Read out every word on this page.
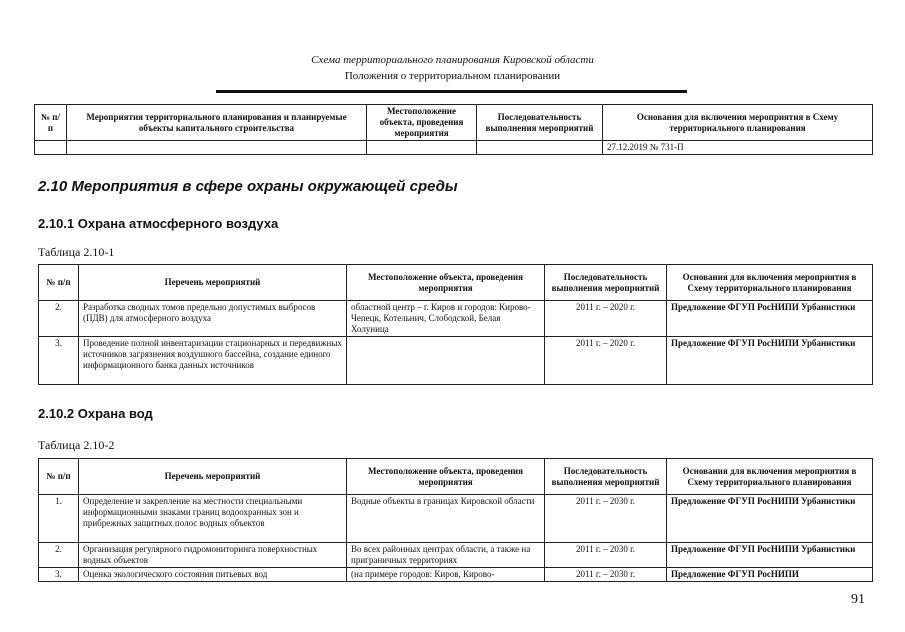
Схема территориального планирования Кировской области
Положения о территориальном планировании
№ п/п	Мероприятия территориального планирования и планируемые объекты капитального строительства	Местоположение объекта, проведения мероприятия	Последовательность выполнения мероприятий	Основания для включения мероприятия в Схему территориального планирования
				27.12.2019 № 731-П
2.10 Мероприятия в сфере охраны окружающей среды
2.10.1 Охрана атмосферного воздуха
Таблица 2.10-1
№ п/п	Перечень мероприятий	Местоположение объекта, проведения мероприятия	Последовательность выполнения мероприятий	Основания для включения мероприятия в Схему территориального планирования
2.	Разработка сводных томов предельно допустимых выбросов (ПДВ) для атмосферного воздуха	областной центр – г. Киров и городов: Кирово-Чепецк, Котельнич, Слободской, Белая Холуница	2011 г. – 2020 г.	Предложение ФГУП РосНИПИ Урбанистики
3.	Проведение полной инвентаризации стационарных и передвижных источников загрязнения воздушного бассейна, создание единого информационного банка данных источников		2011 г. – 2020 г.	Предложение ФГУП РосНИПИ Урбанистики
2.10.2 Охрана вод
Таблица 2.10-2
№ п/п	Перечень мероприятий	Местоположение объекта, проведения мероприятия	Последовательность выполнения мероприятий	Основания для включения мероприятия в Схему территориального планирования
1.	Определение и закрепление на местности специальными информационными знаками границ водоохранных зон и прибрежных защитных полос водных объектов	Водные объекты в границах Кировской области	2011 г. – 2030 г.	Предложение ФГУП РосНИПИ Урбанистики
2.	Организация регулярного гидромониторинга поверхностных водных объектов	Во всех районных центрах области, а также на приграничных территориях	2011 г. – 2030 г.	Предложение ФГУП РосНИПИ Урбанистики
3.	Оценка экологического состояния питьевых вод	(на примере городов: Киров, Кирово-	2011 г. – 2030 г.	Предложение ФГУП РосНИПИ
91
